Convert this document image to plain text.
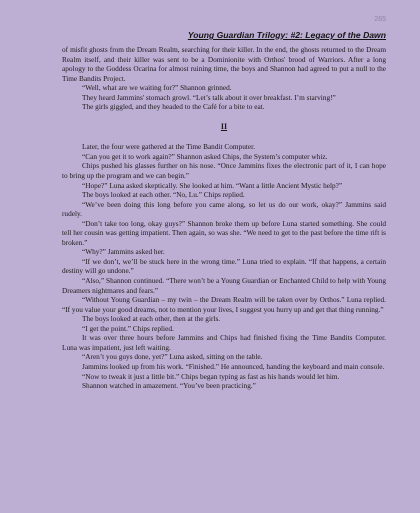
265
Young Guardian Trilogy: #2: Legacy of the Dawn

of misfit ghosts from the Dream Realm, searching for their killer. In the end, the ghosts returned to the Dream Realm itself, and their killer was sent to be a Dominionite with Orthos' brood of Warriors. After a long apology to the Goddess Ocarina for almost ruining time, the boys and Shannon had agreed to put a null to the Time Bandits Project.

“Well, what are we waiting for?” Shannon grinned.

They heard Jammins' stomach growl. “Let’s talk about it over breakfast. I’m starving!”

The girls giggled, and they headed to the Café for a bite to eat.

II

Later, the four were gathered at the Time Bandit Computer.

“Can you get it to work again?” Shannon asked Chips, the System’s computer whiz.

Chips pushed his glasses further on his nose. “Once Jammins fixes the electronic part of it, I can hope to bring up the program and we can begin.”

“Hope?” Luna asked skeptically. She looked at him. “Want a little Ancient Mystic help?”

The boys looked at each other. “No, Lu.” Chips replied.

“We’ve been doing this long before you came along, so let us do our work, okay?” Jammins said rudely.

“Don’t take too long, okay guys?” Shannon broke them up before Luna started something. She could tell her cousin was getting impatient. Then again, so was she. “We need to get to the past before the time rift is broken.”

“Why?” Jammins asked her.

“If we don’t, we’ll be stuck here in the wrong time.” Luna tried to explain. “If that happens, a certain destiny will go undone.”

“Also,” Shannon continued. “There won’t be a Young Guardian or Enchanted Child to help with Young Dreamers nightmares and fears.”

“Without Young Guardian – my twin – the Dream Realm will be taken over by Orthos.” Luna replied. “If you value your good dreams, not to mention your lives, I suggest you hurry up and get that thing running.”

The boys looked at each other, then at the girls.

“I get the point.” Chips replied.

It was over three hours before Jammins and Chips had finished fixing the Time Bandits Computer. Luna was impatient, just left waiting.

“Aren’t you guys done, yet?” Luna asked, sitting on the table.

Jammins looked up from his work. “Finished.” He announced, handing the keyboard and main console.

“Now to tweak it just a little bit.” Chips began typing as fast as his hands would let him.

Shannon watched in amazement. “You’ve been practicing.”
